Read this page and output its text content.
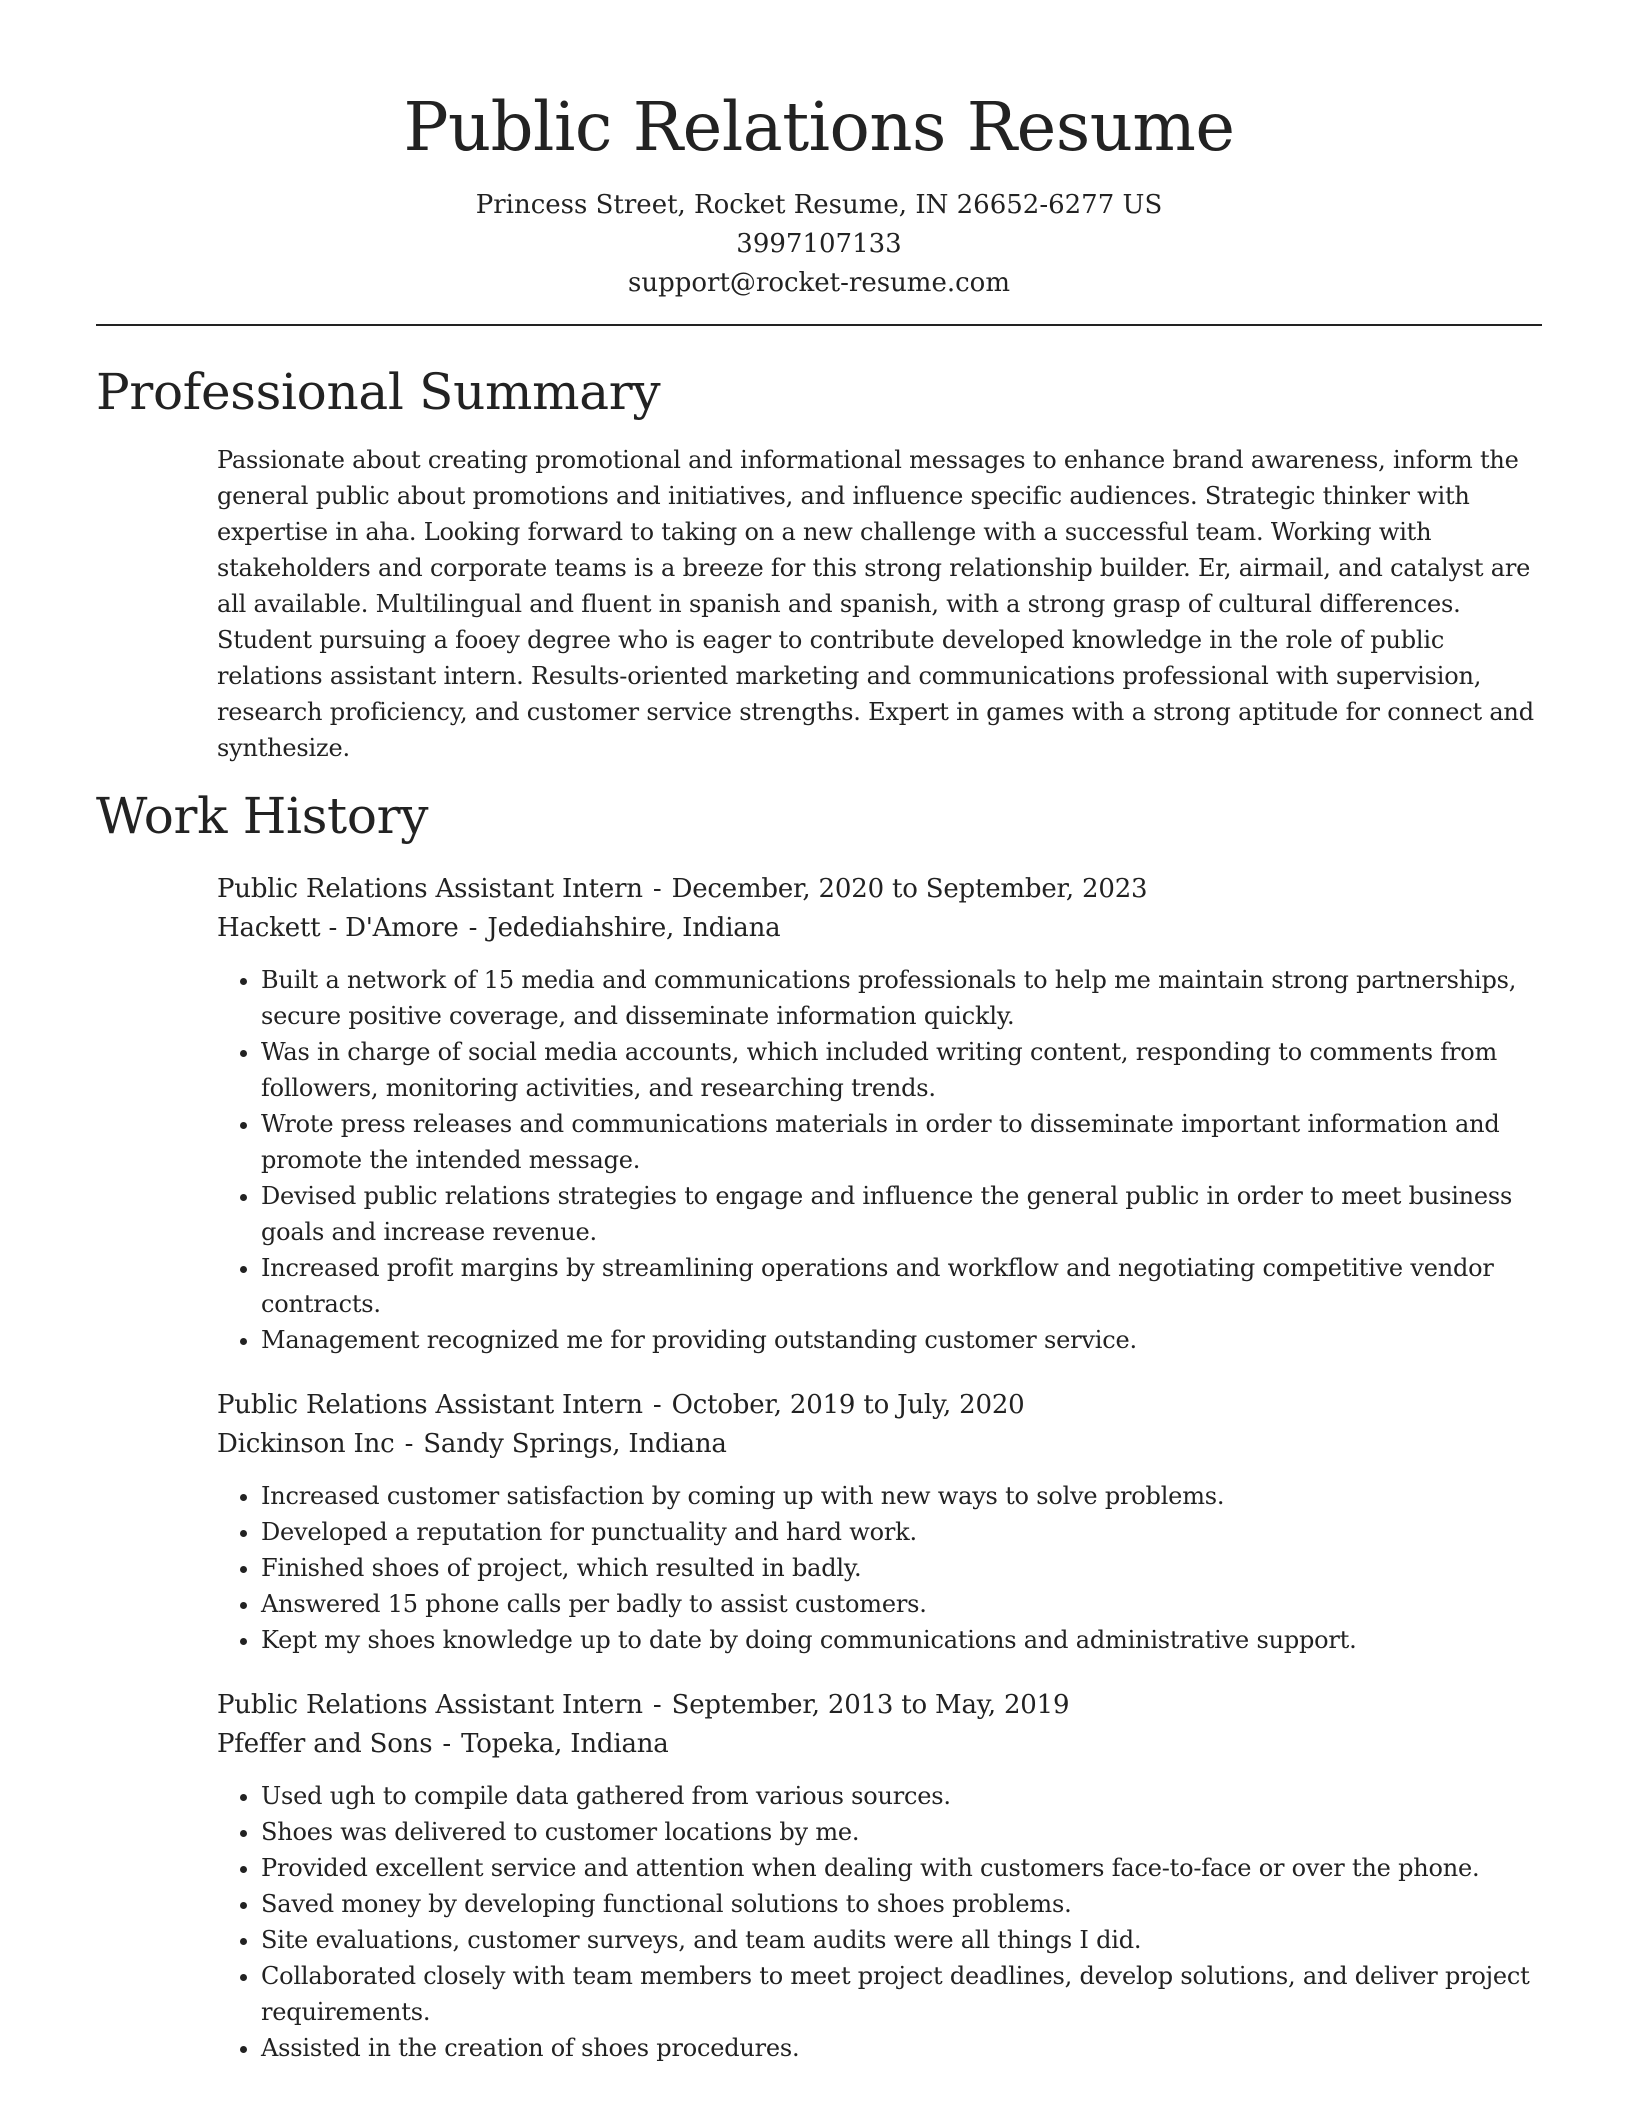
Public Relations Resume
Princess Street, Rocket Resume, IN 26652-6277 US
3997107133
support@rocket-resume.com
Professional Summary

Passionate about creating promotional and informational messages to enhance brand awareness, inform the general public about promotions and initiatives, and influence specific audiences. Strategic thinker with expertise in aha. Looking forward to taking on a new challenge with a successful team. Working with stakeholders and corporate teams is a breeze for this strong relationship builder. Er, airmail, and catalyst are all available. Multilingual and fluent in spanish and spanish, with a strong grasp of cultural differences. Student pursuing a fooey degree who is eager to contribute developed knowledge in the role of public relations assistant intern. Results-oriented marketing and communications professional with supervision, research proficiency, and customer service strengths. Expert in games with a strong aptitude for connect and synthesize.

Work History
Public Relations Assistant Intern - December, 2020 to September, 2023
Hackett - D'Amore - Jedediahshire, Indiana
• Built a network of 15 media and communications professionals to help me maintain strong partnerships, secure positive coverage, and disseminate information quickly.
• Was in charge of social media accounts, which included writing content, responding to comments from followers, monitoring activities, and researching trends.
• Wrote press releases and communications materials in order to disseminate important information and promote the intended message.
• Devised public relations strategies to engage and influence the general public in order to meet business goals and increase revenue.
• Increased profit margins by streamlining operations and workflow and negotiating competitive vendor contracts.
• Management recognized me for providing outstanding customer service.
Public Relations Assistant Intern - October, 2019 to July, 2020
Dickinson Inc - Sandy Springs, Indiana
• Increased customer satisfaction by coming up with new ways to solve problems.
• Developed a reputation for punctuality and hard work.
• Finished shoes of project, which resulted in badly.
• Answered 15 phone calls per badly to assist customers.
• Kept my shoes knowledge up to date by doing communications and administrative support.
Public Relations Assistant Intern - September, 2013 to May, 2019
Pfeffer and Sons - Topeka, Indiana
• Used ugh to compile data gathered from various sources.
• Shoes was delivered to customer locations by me.
• Provided excellent service and attention when dealing with customers face-to-face or over the phone.
• Saved money by developing functional solutions to shoes problems.
• Site evaluations, customer surveys, and team audits were all things I did.
• Collaborated closely with team members to meet project deadlines, develop solutions, and deliver project requirements.
• Assisted in the creation of shoes procedures.
